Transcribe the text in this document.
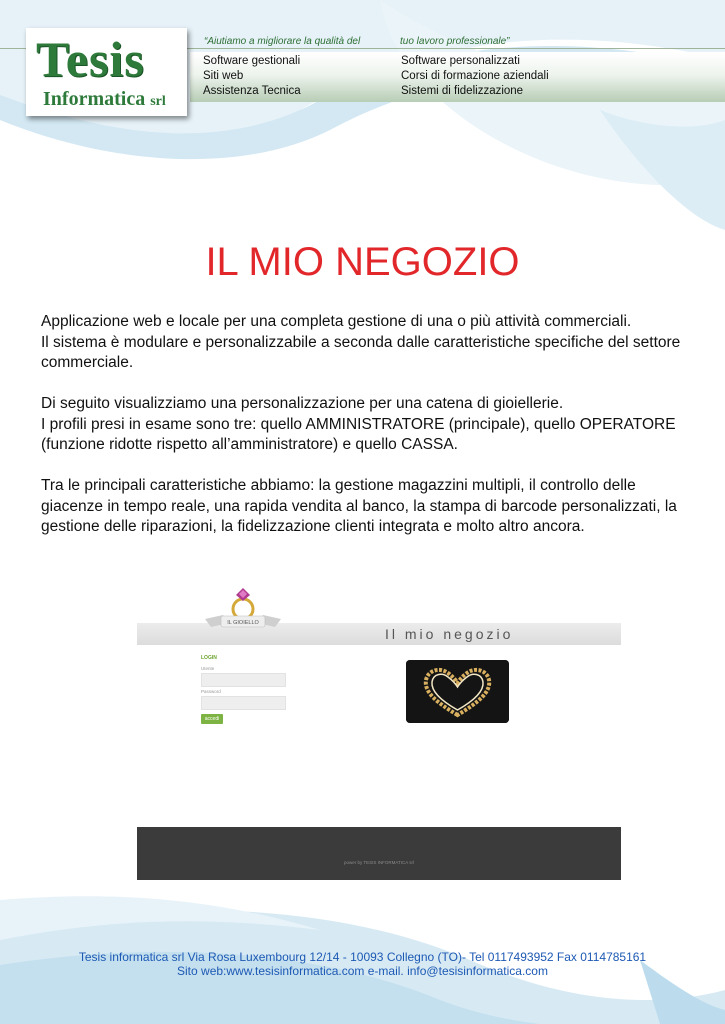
Tesis
Informatica srl
“Aiutiamo a migliorare la qualità del	tuo lavoro professionale”
Software gestionali
Siti web
Assistenza Tecnica
Software personalizzati
Corsi di formazione aziendali
Sistemi di fidelizzazione
IL MIO NEGOZIO
Applicazione web e locale per una completa gestione di una o più attività commerciali.
Il sistema è modulare e personalizzabile a seconda dalle caratteristiche specifiche del settore
commerciale.
Di seguito visualizziamo una personalizzazione per una catena di gioiellerie.
I profili presi in esame sono tre: quello AMMINISTRATORE (principale), quello OPERATORE
(funzione ridotte rispetto all’amministratore) e quello CASSA.
Tra le principali caratteristiche abbiamo: la gestione magazzini multipli, il controllo delle
giacenze in tempo reale, una rapida vendita al banco, la stampa di barcode personalizzati, la
gestione delle riparazioni, la fidelizzazione clienti integrata e molto altro ancora.
Il mio negozio
IL GIOIELLO
LOGIN
Utente
Password
accedi
power by TESIS INFORMATICA srl
Tesis informatica srl Via Rosa Luxembourg 12/14 - 10093 Collegno (TO)- Tel 0117493952 Fax 0114785161
Sito web:www.tesisinformatica.com e-mail. info@tesisinformatica.com
